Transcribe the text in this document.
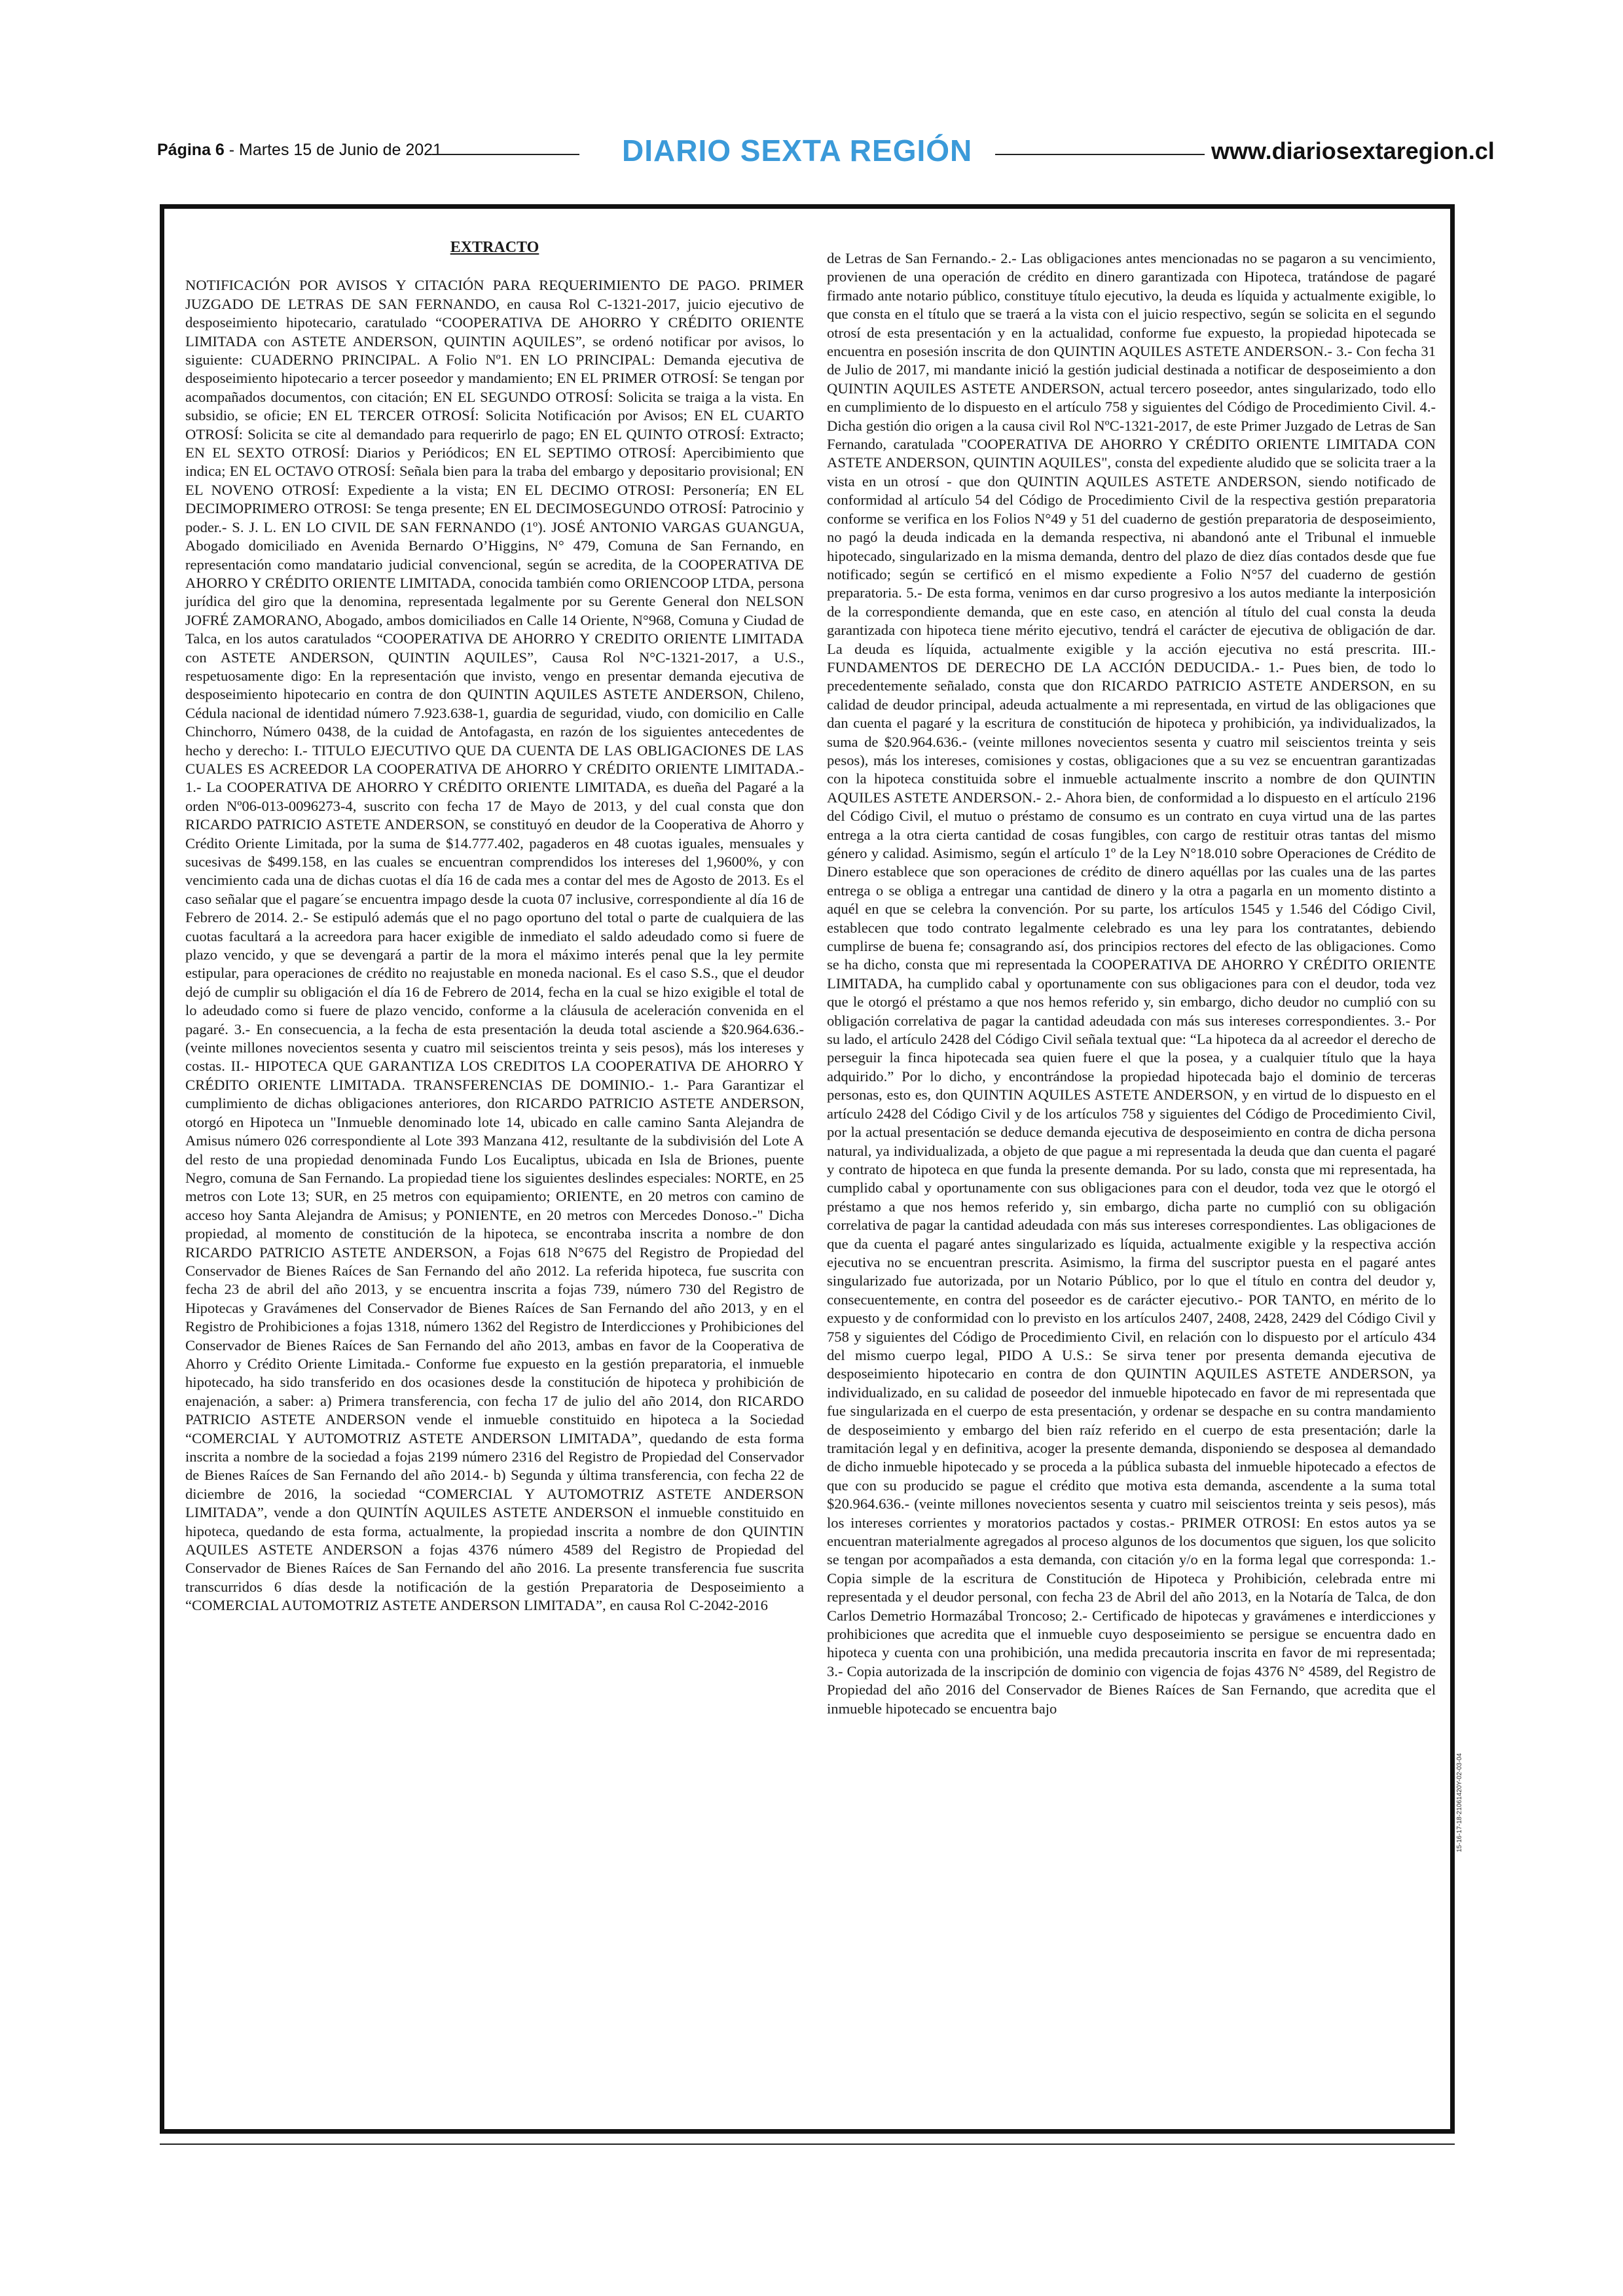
Página 6 - Martes 15 de Junio de 2021	DIARIO SEXTA REGIÓN	www.diariosextaregion.cl

EXTRACTO

NOTIFICACIÓN POR AVISOS Y CITACIÓN PARA REQUERIMIENTO DE PAGO. PRIMER JUZGADO DE LETRAS DE SAN FERNANDO, en causa Rol C-1321-2017, juicio ejecutivo de desposeimiento hipotecario, caratulado “COOPERATIVA DE AHORRO Y CRÉDITO ORIENTE LIMITADA con ASTETE ANDERSON, QUINTIN AQUILES”, se ordenó notificar por avisos, lo siguiente: CUADERNO PRINCIPAL. A Folio Nº1. EN LO PRINCIPAL: Demanda ejecutiva de desposeimiento hipotecario a tercer poseedor y mandamiento; EN EL PRIMER OTROSÍ: Se tengan por acompañados documentos, con citación; EN EL SEGUNDO OTROSÍ: Solicita se traiga a la vista. En subsidio, se oficie; EN EL TERCER OTROSÍ: Solicita Notificación por Avisos; EN EL CUARTO OTROSÍ: Solicita se cite al demandado para requerirlo de pago; EN EL QUINTO OTROSÍ: Extracto; EN EL SEXTO OTROSÍ: Diarios y Periódicos; EN EL SEPTIMO OTROSÍ: Apercibimiento que indica; EN EL OCTAVO OTROSÍ: Señala bien para la traba del embargo y depositario provisional; EN EL NOVENO OTROSÍ: Expediente a la vista; EN EL DECIMO OTROSI: Personería; EN EL DECIMOPRIMERO OTROSI: Se tenga presente; EN EL DECIMOSEGUNDO OTROSÍ: Patrocinio y poder.- S. J. L. EN LO CIVIL DE SAN FERNANDO (1º). JOSÉ ANTONIO VARGAS GUANGUA, Abogado domiciliado en Avenida Bernardo O’Higgins, N° 479, Comuna de San Fernando, en representación como mandatario judicial convencional, según se acredita, de la COOPERATIVA DE AHORRO Y CRÉDITO ORIENTE LIMITADA, conocida también como ORIENCOOP LTDA, persona jurídica del giro que la denomina, representada legalmente por su Gerente General don NELSON JOFRÉ ZAMORANO, Abogado, ambos domiciliados en Calle 14 Oriente, N°968, Comuna y Ciudad de Talca, en los autos caratulados “COOPERATIVA DE AHORRO Y CREDITO ORIENTE LIMITADA con ASTETE ANDERSON, QUINTIN AQUILES”, Causa Rol N°C-1321-2017, a U.S., respetuosamente digo: En la representación que invisto, vengo en presentar demanda ejecutiva de desposeimiento hipotecario en contra de don QUINTIN AQUILES ASTETE ANDERSON, Chileno, Cédula nacional de identidad número 7.923.638-1, guardia de seguridad, viudo, con domicilio en Calle Chinchorro, Número 0438, de la cuidad de Antofagasta, en razón de los siguientes antecedentes de hecho y derecho: I.- TITULO EJECUTIVO QUE DA CUENTA DE LAS OBLIGACIONES DE LAS CUALES ES ACREEDOR LA COOPERATIVA DE AHORRO Y CRÉDITO ORIENTE LIMITADA.- 1.- La COOPERATIVA DE AHORRO Y CRÉDITO ORIENTE LIMITADA, es dueña del Pagaré a la orden Nº06-013-0096273-4, suscrito con fecha 17 de Mayo de 2013, y del cual consta que don RICARDO PATRICIO ASTETE ANDERSON, se constituyó en deudor de la Cooperativa de Ahorro y Crédito Oriente Limitada, por la suma de $14.777.402, pagaderos en 48 cuotas iguales, mensuales y sucesivas de $499.158, en las cuales se encuentran comprendidos los intereses del 1,9600%, y con vencimiento cada una de dichas cuotas el día 16 de cada mes a contar del mes de Agosto de 2013. Es el caso señalar que el pagare´se encuentra impago desde la cuota 07 inclusive, correspondiente al día 16 de Febrero de 2014. 2.- Se estipuló además que el no pago oportuno del total o parte de cualquiera de las cuotas facultará a la acreedora para hacer exigible de inmediato el saldo adeudado como si fuere de plazo vencido, y que se devengará a partir de la mora el máximo interés penal que la ley permite estipular, para operaciones de crédito no reajustable en moneda nacional. Es el caso S.S., que el deudor dejó de cumplir su obligación el día 16 de Febrero de 2014, fecha en la cual se hizo exigible el total de lo adeudado como si fuere de plazo vencido, conforme a la cláusula de aceleración convenida en el pagaré. 3.- En consecuencia, a la fecha de esta presentación la deuda total asciende a $20.964.636.- (veinte millones novecientos sesenta y cuatro mil seiscientos treinta y seis pesos), más los intereses y costas. II.- HIPOTECA QUE GARANTIZA LOS CREDITOS LA COOPERATIVA DE AHORRO Y CRÉDITO ORIENTE LIMITADA. TRANSFERENCIAS DE DOMINIO.- 1.- Para Garantizar el cumplimiento de dichas obligaciones anteriores, don RICARDO PATRICIO ASTETE ANDERSON, otorgó en Hipoteca un "Inmueble denominado lote 14, ubicado en calle camino Santa Alejandra de Amisus número 026 correspondiente al Lote 393 Manzana 412, resultante de la subdivisión del Lote A del resto de una propiedad denominada Fundo Los Eucaliptus, ubicada en Isla de Briones, puente Negro, comuna de San Fernando. La propiedad tiene los siguientes deslindes especiales: NORTE, en 25 metros con Lote 13; SUR, en 25 metros con equipamiento; ORIENTE, en 20 metros con camino de acceso hoy Santa Alejandra de Amisus; y PONIENTE, en 20 metros con Mercedes Donoso.-" Dicha propiedad, al momento de constitución de la hipoteca, se encontraba inscrita a nombre de don RICARDO PATRICIO ASTETE ANDERSON, a Fojas 618 N°675 del Registro de Propiedad del Conservador de Bienes Raíces de San Fernando del año 2012. La referida hipoteca, fue suscrita con fecha 23 de abril del año 2013, y se encuentra inscrita a fojas 739, número 730 del Registro de Hipotecas y Gravámenes del Conservador de Bienes Raíces de San Fernando del año 2013, y en el Registro de Prohibiciones a fojas 1318, número 1362 del Registro de Interdicciones y Prohibiciones del Conservador de Bienes Raíces de San Fernando del año 2013, ambas en favor de la Cooperativa de Ahorro y Crédito Oriente Limitada.- Conforme fue expuesto en la gestión preparatoria, el inmueble hipotecado, ha sido transferido en dos ocasiones desde la constitución de hipoteca y prohibición de enajenación, a saber: a) Primera transferencia, con fecha 17 de julio del año 2014, don RICARDO PATRICIO ASTETE ANDERSON vende el inmueble constituido en hipoteca a la Sociedad “COMERCIAL Y AUTOMOTRIZ ASTETE ANDERSON LIMITADA”, quedando de esta forma inscrita a nombre de la sociedad a fojas 2199 número 2316 del Registro de Propiedad del Conservador de Bienes Raíces de San Fernando del año 2014.- b) Segunda y última transferencia, con fecha 22 de diciembre de 2016, la sociedad “COMERCIAL Y AUTOMOTRIZ ASTETE ANDERSON LIMITADA”, vende a don QUINTÍN AQUILES ASTETE ANDERSON el inmueble constituido en hipoteca, quedando de esta forma, actualmente, la propiedad inscrita a nombre de don QUINTIN AQUILES ASTETE ANDERSON a fojas 4376 número 4589 del Registro de Propiedad del Conservador de Bienes Raíces de San Fernando del año 2016. La presente transferencia fue suscrita transcurridos 6 días desde la notificación de la gestión Preparatoria de Desposeimiento a “COMERCIAL AUTOMOTRIZ ASTETE ANDERSON LIMITADA”, en causa Rol C-2042-2016

de Letras de San Fernando.- 2.- Las obligaciones antes mencionadas no se pagaron a su vencimiento, provienen de una operación de crédito en dinero garantizada con Hipoteca, tratándose de pagaré firmado ante notario público, constituye título ejecutivo, la deuda es líquida y actualmente exigible, lo que consta en el título que se traerá a la vista con el juicio respectivo, según se solicita en el segundo otrosí de esta presentación y en la actualidad, conforme fue expuesto, la propiedad hipotecada se encuentra en posesión inscrita de don QUINTIN AQUILES ASTETE ANDERSON.- 3.- Con fecha 31 de Julio de 2017, mi mandante inició la gestión judicial destinada a notificar de desposeimiento a don QUINTIN AQUILES ASTETE ANDERSON, actual tercero poseedor, antes singularizado, todo ello en cumplimiento de lo dispuesto en el artículo 758 y siguientes del Código de Procedimiento Civil. 4.- Dicha gestión dio origen a la causa civil Rol NºC-1321-2017, de este Primer Juzgado de Letras de San Fernando, caratulada "COOPERATIVA DE AHORRO Y CRÉDITO ORIENTE LIMITADA CON ASTETE ANDERSON, QUINTIN AQUILES", consta del expediente aludido que se solicita traer a la vista en un otrosí - que don QUINTIN AQUILES ASTETE ANDERSON, siendo notificado de conformidad al artículo 54 del Código de Procedimiento Civil de la respectiva gestión preparatoria conforme se verifica en los Folios N°49 y 51 del cuaderno de gestión preparatoria de desposeimiento, no pagó la deuda indicada en la demanda respectiva, ni abandonó ante el Tribunal el inmueble hipotecado, singularizado en la misma demanda, dentro del plazo de diez días contados desde que fue notificado; según se certificó en el mismo expediente a Folio N°57 del cuaderno de gestión preparatoria. 5.- De esta forma, venimos en dar curso progresivo a los autos mediante la interposición de la correspondiente demanda, que en este caso, en atención al título del cual consta la deuda garantizada con hipoteca tiene mérito ejecutivo, tendrá el carácter de ejecutiva de obligación de dar. La deuda es líquida, actualmente exigible y la acción ejecutiva no está prescrita. III.- FUNDAMENTOS DE DERECHO DE LA ACCIÓN DEDUCIDA.- 1.- Pues bien, de todo lo precedentemente señalado, consta que don RICARDO PATRICIO ASTETE ANDERSON, en su calidad de deudor principal, adeuda actualmente a mi representada, en virtud de las obligaciones que dan cuenta el pagaré y la escritura de constitución de hipoteca y prohibición, ya individualizados, la suma de $20.964.636.- (veinte millones novecientos sesenta y cuatro mil seiscientos treinta y seis pesos), más los intereses, comisiones y costas, obligaciones que a su vez se encuentran garantizadas con la hipoteca constituida sobre el inmueble actualmente inscrito a nombre de don QUINTIN AQUILES ASTETE ANDERSON.- 2.- Ahora bien, de conformidad a lo dispuesto en el artículo 2196 del Código Civil, el mutuo o préstamo de consumo es un contrato en cuya virtud una de las partes entrega a la otra cierta cantidad de cosas fungibles, con cargo de restituir otras tantas del mismo género y calidad. Asimismo, según el artículo 1º de la Ley N°18.010 sobre Operaciones de Crédito de Dinero establece que son operaciones de crédito de dinero aquéllas por las cuales una de las partes entrega o se obliga a entregar una cantidad de dinero y la otra a pagarla en un momento distinto a aquél en que se celebra la convención. Por su parte, los artículos 1545 y 1.546 del Código Civil, establecen que todo contrato legalmente celebrado es una ley para los contratantes, debiendo cumplirse de buena fe; consagrando así, dos principios rectores del efecto de las obligaciones. Como se ha dicho, consta que mi representada la COOPERATIVA DE AHORRO Y CRÉDITO ORIENTE LIMITADA, ha cumplido cabal y oportunamente con sus obligaciones para con el deudor, toda vez que le otorgó el préstamo a que nos hemos referido y, sin embargo, dicho deudor no cumplió con su obligación correlativa de pagar la cantidad adeudada con más sus intereses correspondientes. 3.- Por su lado, el artículo 2428 del Código Civil señala textual que: “La hipoteca da al acreedor el derecho de perseguir la finca hipotecada sea quien fuere el que la posea, y a cualquier título que la haya adquirido.” Por lo dicho, y encontrándose la propiedad hipotecada bajo el dominio de terceras personas, esto es, don QUINTIN AQUILES ASTETE ANDERSON, y en virtud de lo dispuesto en el artículo 2428 del Código Civil y de los artículos 758 y siguientes del Código de Procedimiento Civil, por la actual presentación se deduce demanda ejecutiva de desposeimiento en contra de dicha persona natural, ya individualizada, a objeto de que pague a mi representada la deuda que dan cuenta el pagaré y contrato de hipoteca en que funda la presente demanda. Por su lado, consta que mi representada, ha cumplido cabal y oportunamente con sus obligaciones para con el deudor, toda vez que le otorgó el préstamo a que nos hemos referido y, sin embargo, dicha parte no cumplió con su obligación correlativa de pagar la cantidad adeudada con más sus intereses correspondientes. Las obligaciones de que da cuenta el pagaré antes singularizado es líquida, actualmente exigible y la respectiva acción ejecutiva no se encuentran prescrita. Asimismo, la firma del suscriptor puesta en el pagaré antes singularizado fue autorizada, por un Notario Público, por lo que el título en contra del deudor y, consecuentemente, en contra del poseedor es de carácter ejecutivo.- POR TANTO, en mérito de lo expuesto y de conformidad con lo previsto en los artículos 2407, 2408, 2428, 2429 del Código Civil y 758 y siguientes del Código de Procedimiento Civil, en relación con lo dispuesto por el artículo 434 del mismo cuerpo legal, PIDO A U.S.: Se sirva tener por presenta demanda ejecutiva de desposeimiento hipotecario en contra de don QUINTIN AQUILES ASTETE ANDERSON, ya individualizado, en su calidad de poseedor del inmueble hipotecado en favor de mi representada que fue singularizada en el cuerpo de esta presentación, y ordenar se despache en su contra mandamiento de desposeimiento y embargo del bien raíz referido en el cuerpo de esta presentación; darle la tramitación legal y en definitiva, acoger la presente demanda, disponiendo se desposea al demandado de dicho inmueble hipotecado y se proceda a la pública subasta del inmueble hipotecado a efectos de que con su producido se pague el crédito que motiva esta demanda, ascendente a la suma total $20.964.636.- (veinte millones novecientos sesenta y cuatro mil seiscientos treinta y seis pesos), más los intereses corrientes y moratorios pactados y costas.- PRIMER OTROSI: En estos autos ya se encuentran materialmente agregados al proceso algunos de los documentos que siguen, los que solicito se tengan por acompañados a esta demanda, con citación y/o en la forma legal que corresponda: 1.- Copia simple de la escritura de Constitución de Hipoteca y Prohibición, celebrada entre mi representada y el deudor personal, con fecha 23 de Abril del año 2013, en la Notaría de Talca, de don Carlos Demetrio Hormazábal Troncoso; 2.- Certificado de hipotecas y gravámenes e interdicciones y prohibiciones que acredita que el inmueble cuyo desposeimiento se persigue se encuentra dado en hipoteca y cuenta con una prohibición, una medida precautoria inscrita en favor de mi representada; 3.- Copia autorizada de la inscripción de dominio con vigencia de fojas 4376 N° 4589, del Registro de Propiedad del año 2016 del Conservador de Bienes Raíces de San Fernando, que acredita que el inmueble hipotecado se encuentra bajo

15-16-17-18-21061420Y-02-03-04
